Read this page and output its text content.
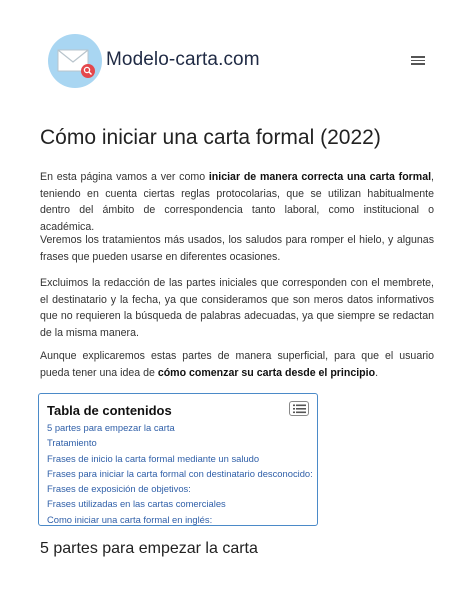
Modelo-carta.com
Cómo iniciar una carta formal (2022)

En esta página vamos a ver como iniciar de manera correcta una carta formal, teniendo en cuenta ciertas reglas protocolarias, que se utilizan habitualmente dentro del ámbito de correspondencia tanto laboral, como institucional o académica.

Veremos los tratamientos más usados, los saludos para romper el hielo, y algunas frases que pueden usarse en diferentes ocasiones.

Excluimos la redacción de las partes iniciales que corresponden con el membrete, el destinatario y la fecha, ya que consideramos que son meros datos informativos que no requieren la búsqueda de palabras adecuadas, ya que siempre se redactan de la misma manera.

Aunque explicaremos estas partes de manera superficial, para que el usuario pueda tener una idea de cómo comenzar su carta desde el principio.

Tabla de contenidos
5 partes para empezar la carta
Tratamiento
Frases de inicio la carta formal mediante un saludo
Frases para iniciar la carta formal con destinatario desconocido:
Frases de exposición de objetivos:
Frases utilizadas en las cartas comerciales
Como iniciar una carta formal en inglés:
5 partes para empezar la carta
